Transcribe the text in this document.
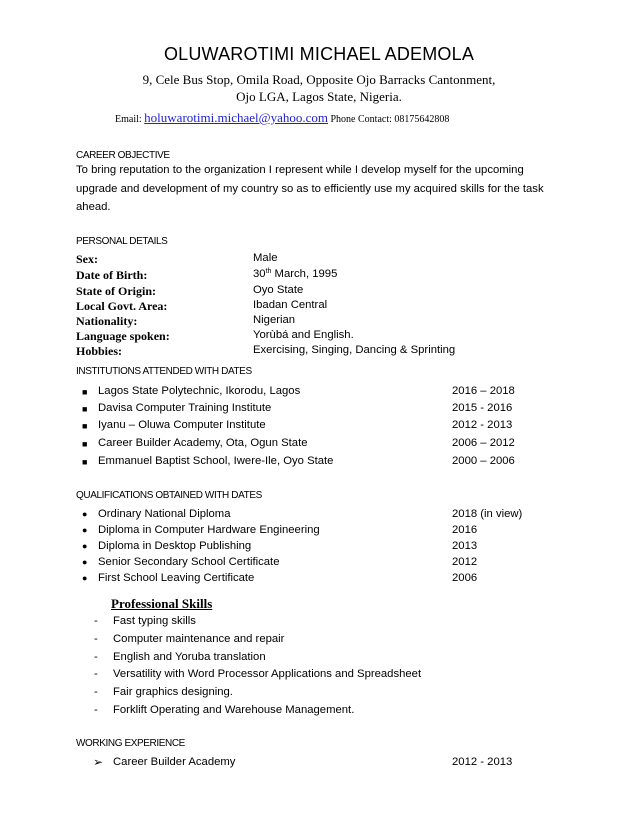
OLUWAROTIMI MICHAEL ADEMOLA
9, Cele Bus Stop, Omila Road, Opposite Ojo Barracks Cantonment,
Ojo LGA, Lagos State, Nigeria.
Email: holuwarotimi.michael@yahoo.com Phone Contact: 08175642808
CAREER OBJECTIVE
To bring reputation to the organization I represent while I develop myself for the upcoming
upgrade and development of my country so as to efficiently use my acquired skills for the task
ahead.
PERSONAL DETAILS
Sex:	Male
Date of Birth:	30th March, 1995
State of Origin:	Oyo State
Local Govt. Area:	Ibadan Central
Nationality:	Nigerian
Language spoken:	Yorùbá and English.
Hobbies:	Exercising, Singing, Dancing & Sprinting
INSTITUTIONS ATTENDED WITH DATES
■ Lagos State Polytechnic, Ikorodu, Lagos	2016 – 2018
■ Davisa Computer Training Institute	2015 - 2016
■ Iyanu – Oluwa Computer Institute	2012 - 2013
■ Career Builder Academy, Ota, Ogun State	2006 – 2012
■ Emmanuel Baptist School, Iwere-Ile, Oyo State	2000 – 2006
QUALIFICATIONS OBTAINED WITH DATES
● Ordinary National Diploma	2018 (in view)
● Diploma in Computer Hardware Engineering	2016
● Diploma in Desktop Publishing	2013
● Senior Secondary School Certificate	2012
● First School Leaving Certificate	2006
Professional Skills
- Fast typing skills
- Computer maintenance and repair
- English and Yoruba translation
- Versatility with Word Processor Applications and Spreadsheet
- Fair graphics designing.
- Forklift Operating and Warehouse Management.
WORKING EXPERIENCE
➢ Career Builder Academy	2012 - 2013
